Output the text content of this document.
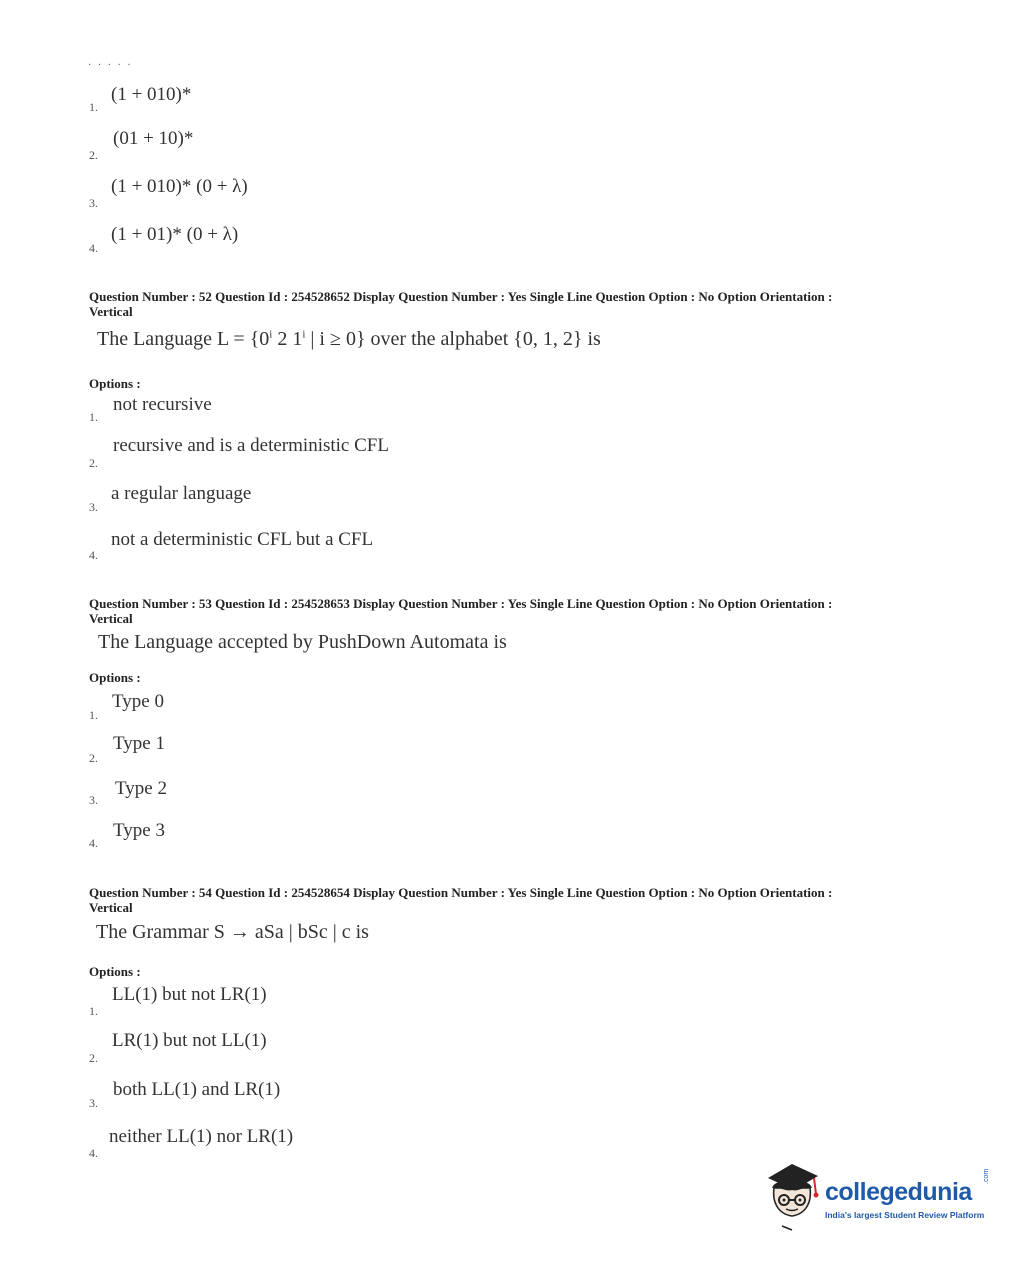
· · · · ·
1.
(1 + 010)*
2.
(01 + 10)*
3.
(1 + 010)* (0 + λ)
4.
(1 + 01)* (0 + λ)
Question Number : 52 Question Id : 254528652 Display Question Number : Yes Single Line Question Option : No Option Orientation : Vertical
The Language $L = \{0^i$ 2 1$^i$ | i ≥ 0} over the alphabet {0, 1, 2} is
Options :
1.
not recursive
2.
recursive and is a deterministic CFL
3.
a regular language
4.
not a deterministic CFL but a CFL
Question Number : 53 Question Id : 254528653 Display Question Number : Yes Single Line Question Option : No Option Orientation : Vertical
The Language accepted by PushDown Automata is
Options :
1.
Type 0
2.
Type 1
3.
Type 2
4.
Type 3
Question Number : 54 Question Id : 254528654 Display Question Number : Yes Single Line Question Option : No Option Orientation : Vertical
The Grammar S → aSa | bSc | c is
Options :
1.
LL(1) but not LR(1)
2.
LR(1) but not LL(1)
3.
both LL(1) and LR(1)
4.
neither LL(1) nor LR(1)
collegedunia
.com
India's largest Student Review Platform
